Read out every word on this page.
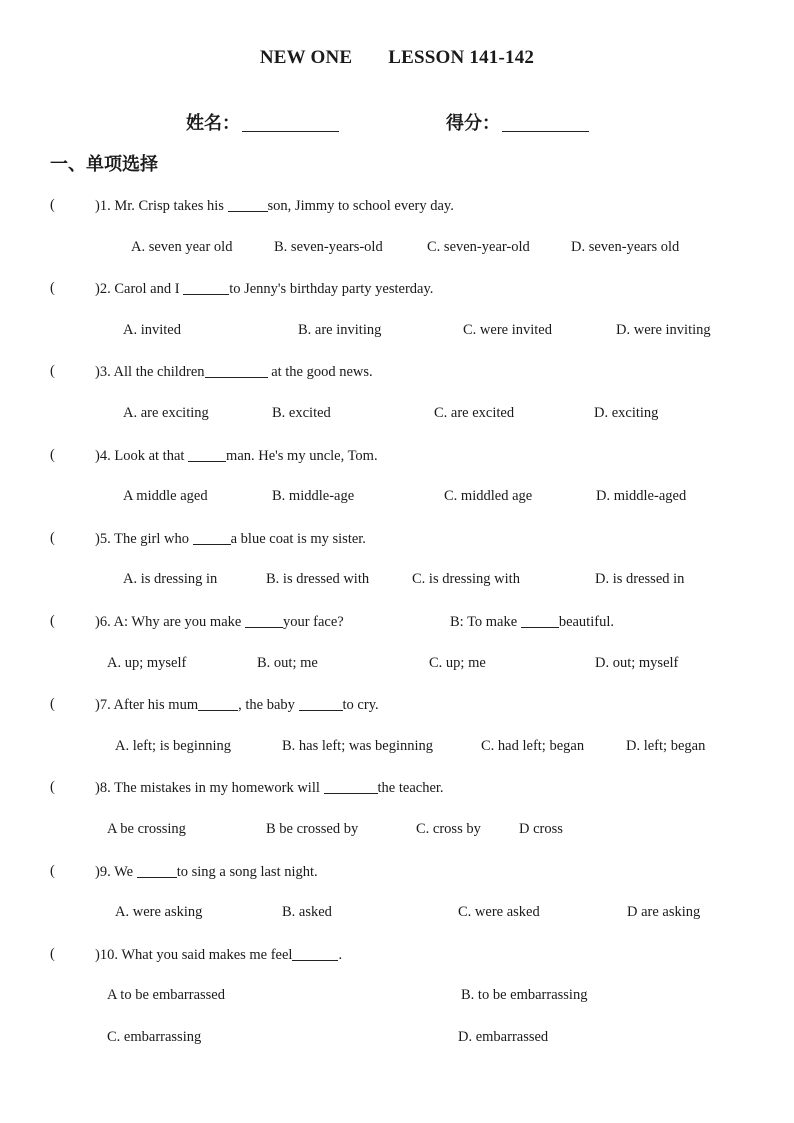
NEW ONE LESSON 141-142
姓名：	得分：
一、单项选择
(	)1. Mr. Crisp takes his	son, Jimmy to school every day.
A. seven year old	B. seven-years-old	C. seven-year-old	D. seven-years old
(	)2. Carol and I	to Jenny's birthday party yesterday.
A. invited	B. are inviting	C. were invited	D. were inviting
(	)3. All the children	at the good news.
A. are exciting	B. excited	C. are excited	D. exciting
(	)4. Look at that	man. He's my uncle, Tom.
A middle aged	B. middle-age	C. middled age	D. middle-aged
(	)5. The girl who	a blue coat is my sister.
A. is dressing in	B. is dressed with	C. is dressing with	D. is dressed in
(	)6. A: Why are you make	your face?	B: To make	beautiful.
A. up; myself	B. out; me	C. up; me	D. out; myself
(	)7. After his mum	, the baby	to cry.
A. left; is beginning	B. has left; was beginning	C. had left; began	D. left; began
(	)8. The mistakes in my homework will	the teacher.
A be crossing	B be crossed by	C. cross by	D cross
(	)9. We	to sing a song last night.
A. were asking	B. asked	C. were asked	D are asking
(	)10. What you said makes me feel	.
A to be embarrassed	B. to be embarrassing
C. embarrassing	D. embarrassed
